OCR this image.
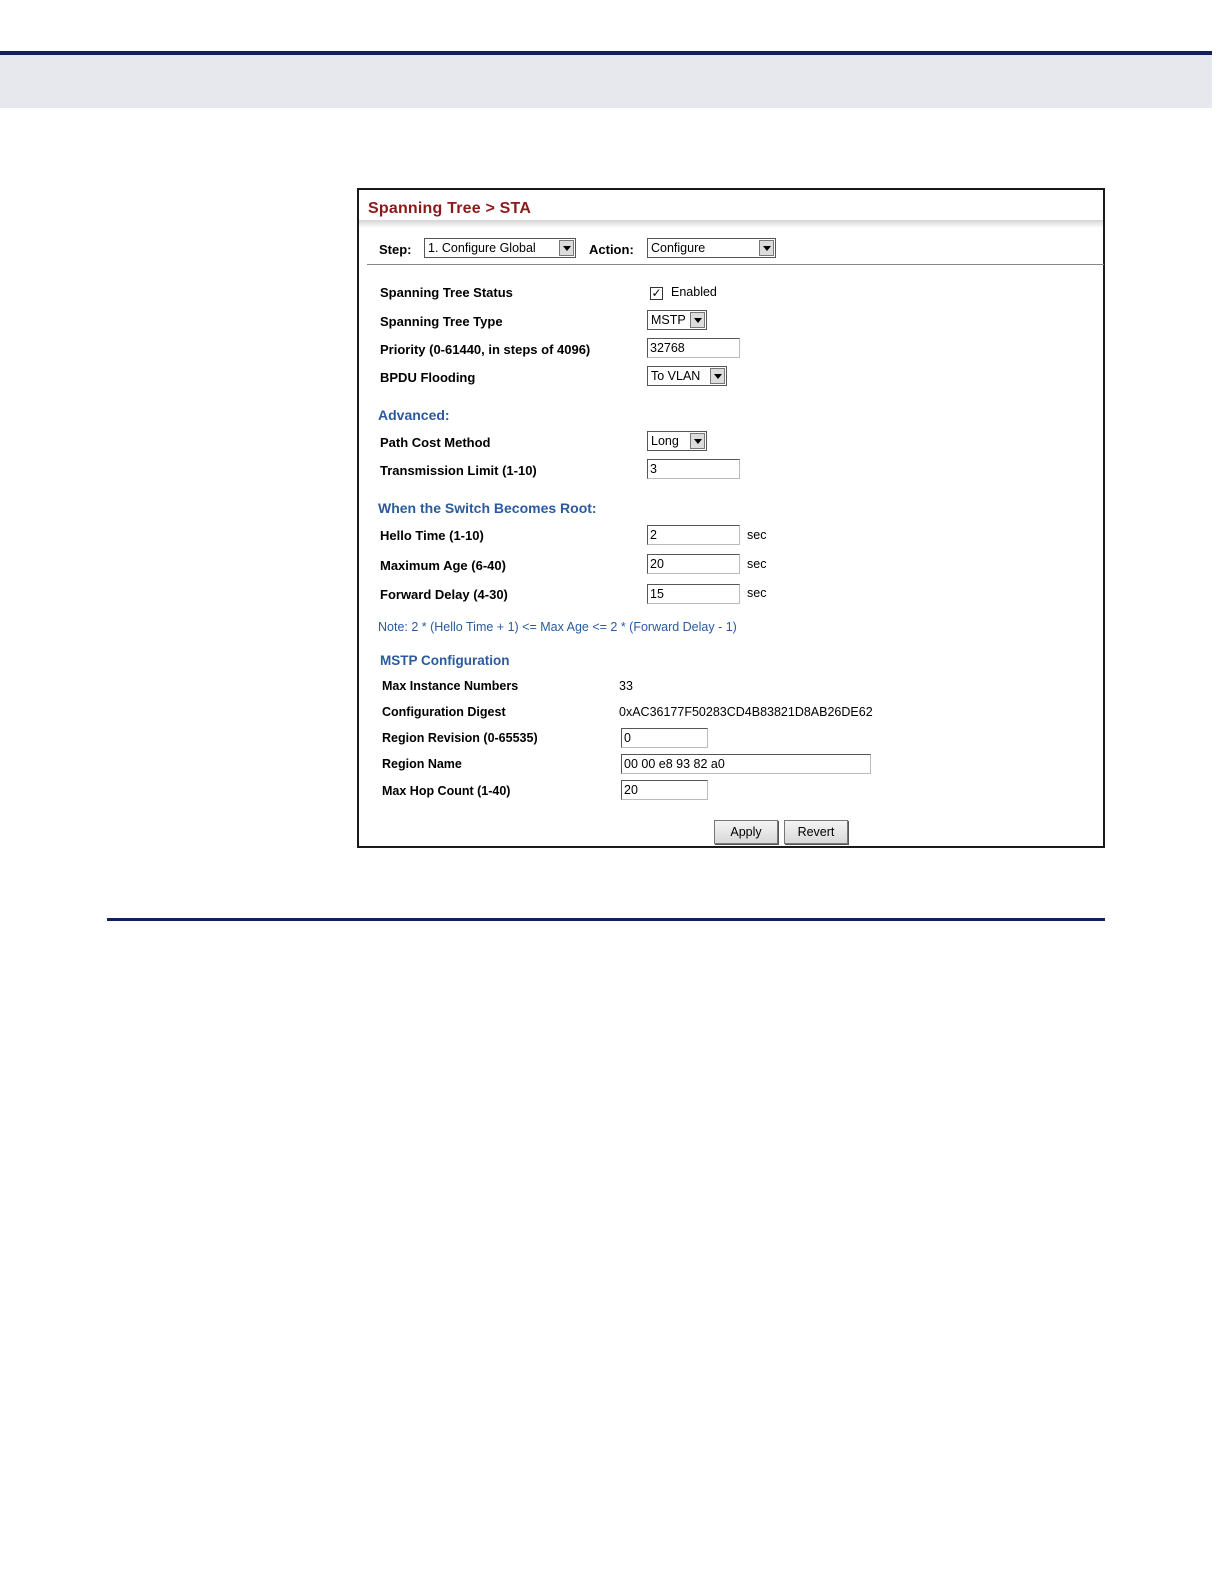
Spanning Tree > STA
Step:	1. Configure Global	Action:	Configure
Spanning Tree Status	✓ Enabled
Spanning Tree Type	MSTP
Priority (0-61440, in steps of 4096)	32768
BPDU Flooding	To VLAN
Advanced:
Path Cost Method	Long
Transmission Limit (1-10)	3
When the Switch Becomes Root:
Hello Time (1-10)	2	sec
Maximum Age (6-40)	20	sec
Forward Delay (4-30)	15	sec
Note: 2 * (Hello Time + 1) <= Max Age <= 2 * (Forward Delay - 1)
MSTP Configuration
Max Instance Numbers	33
Configuration Digest	0xAC36177F50283CD4B83821D8AB26DE62
Region Revision (0-65535)	0
Region Name	00 00 e8 93 82 a0
Max Hop Count (1-40)	20
Apply	Revert
